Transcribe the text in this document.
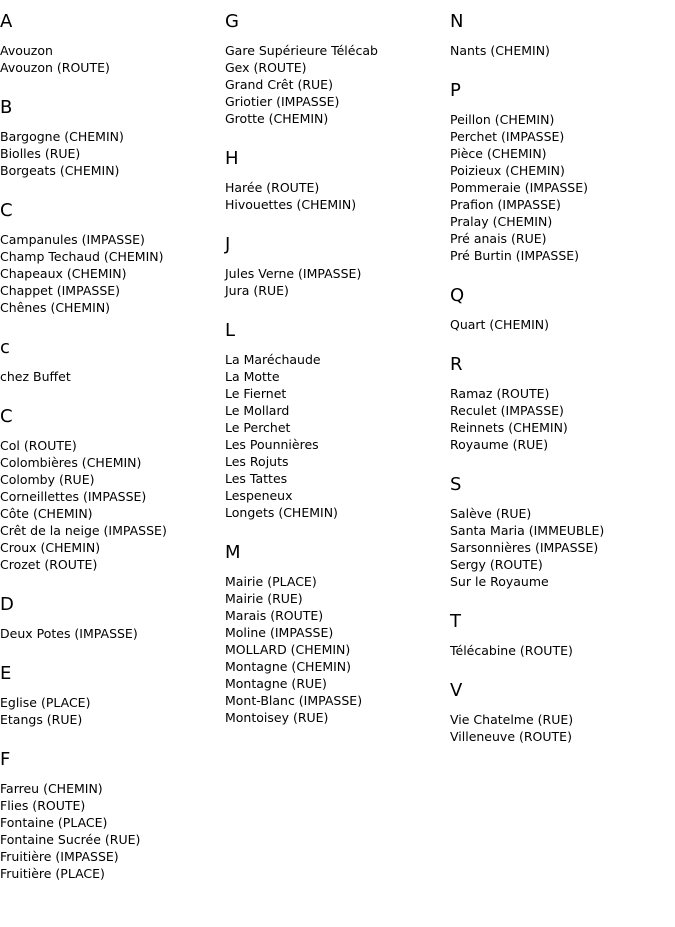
A
Avouzon
Avouzon (ROUTE)
B
Bargogne (CHEMIN)
Biolles (RUE)
Borgeats (CHEMIN)
C
Campanules (IMPASSE)
Champ Techaud (CHEMIN)
Chapeaux (CHEMIN)
Chappet (IMPASSE)
Chênes (CHEMIN)
c
chez Buffet
C
Col (ROUTE)
Colombières (CHEMIN)
Colomby (RUE)
Corneillettes (IMPASSE)
Côte (CHEMIN)
Crêt de la neige (IMPASSE)
Croux (CHEMIN)
Crozet (ROUTE)
D
Deux Potes (IMPASSE)
E
Eglise (PLACE)
Etangs (RUE)
F
Farreu (CHEMIN)
Flies (ROUTE)
Fontaine (PLACE)
Fontaine Sucrée (RUE)
Fruitière (IMPASSE)
Fruitière (PLACE)
G
Gare Supérieure Télécab
Gex (ROUTE)
Grand Crêt (RUE)
Griotier (IMPASSE)
Grotte (CHEMIN)
H
Harée (ROUTE)
Hivouettes (CHEMIN)
J
Jules Verne (IMPASSE)
Jura (RUE)
L
La Maréchaude
La Motte
Le Fiernet
Le Mollard
Le Perchet
Les Pounnières
Les Rojuts
Les Tattes
Lespeneux
Longets (CHEMIN)
M
Mairie (PLACE)
Mairie (RUE)
Marais (ROUTE)
Moline (IMPASSE)
MOLLARD (CHEMIN)
Montagne (CHEMIN)
Montagne (RUE)
Mont-Blanc (IMPASSE)
Montoisey (RUE)
N
Nants (CHEMIN)
P
Peillon (CHEMIN)
Perchet (IMPASSE)
Pièce (CHEMIN)
Poizieux (CHEMIN)
Pommeraie (IMPASSE)
Prafion (IMPASSE)
Pralay (CHEMIN)
Pré anais (RUE)
Pré Burtin (IMPASSE)
Q
Quart (CHEMIN)
R
Ramaz (ROUTE)
Reculet (IMPASSE)
Reinnets (CHEMIN)
Royaume (RUE)
S
Salève (RUE)
Santa Maria (IMMEUBLE)
Sarsonnières (IMPASSE)
Sergy (ROUTE)
Sur le Royaume
T
Télécabine (ROUTE)
V
Vie Chatelme (RUE)
Villeneuve (ROUTE)
